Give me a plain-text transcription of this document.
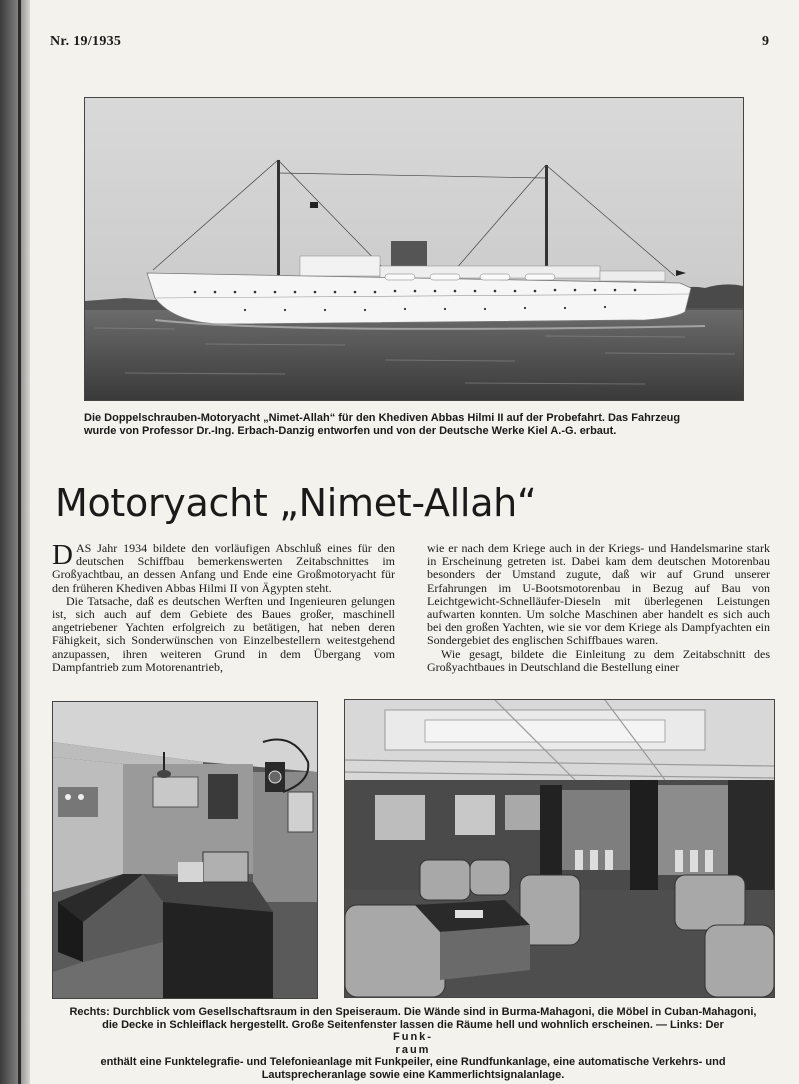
Nr. 19/1935	9
Die Doppelschrauben-Motoryacht „Nimet-Allah“ für den Khediven Abbas Hilmi II auf der Probefahrt. Das Fahrzeug
wurde von Professor Dr.-Ing. Erbach-Danzig entworfen und von der Deutsche Werke Kiel A.-G. erbaut.
Motoryacht „Nimet-Allah“

DAS Jahr 1934 bildete den vorläufigen Abschluß eines für den deutschen Schiffbau bemerkenswerten Zeitabschnittes im Großyachtbau, an dessen Anfang und Ende eine Großmotoryacht für den früheren Khediven Abbas Hilmi II von Ägypten steht.

Die Tatsache, daß es deutschen Werften und Ingenieuren gelungen ist, sich auch auf dem Gebiete des Baues großer, maschinell angetriebener Yachten erfolgreich zu betätigen, hat neben deren Fähigkeit, sich Sonderwünschen von Einzelbestellern weitestgehend anzupassen, ihren weiteren Grund in dem Übergang vom Dampfantrieb zum Motorenantrieb,

wie er nach dem Kriege auch in der Kriegs- und Handelsmarine stark in Erscheinung getreten ist. Dabei kam dem deutschen Motorenbau besonders der Umstand zugute, daß wir auf Grund unserer Erfahrungen im U-Bootsmotorenbau in Bezug auf Bau von Leichtgewicht-Schnelläufer-Dieseln mit überlegenen Leistungen aufwarten konnten. Um solche Maschinen aber handelt es sich auch bei den großen Yachten, wie sie vor dem Kriege als Dampfyachten ein Sondergebiet des englischen Schiffbaues waren.

Wie gesagt, bildete die Einleitung zu dem Zeitabschnitt des Großyachtbaues in Deutschland die Bestellung einer

Rechts: Durchblick vom Gesellschaftsraum in den Speiseraum. Die Wände sind in Burma-Mahagoni, die Möbel in Cuban-Mahagoni,
die Decke in Schleiflack hergestellt. Große Seitenfenster lassen die Räume hell und wohnlich erscheinen. — Links: Der
Funk-
raum
enthält eine Funktelegrafie- und Telefonieanlage mit Funkpeiler, eine Rundfunkanlage, eine automatische Verkehrs- und
Lautsprecheranlage sowie eine Kammerlichtsignalanlage.
